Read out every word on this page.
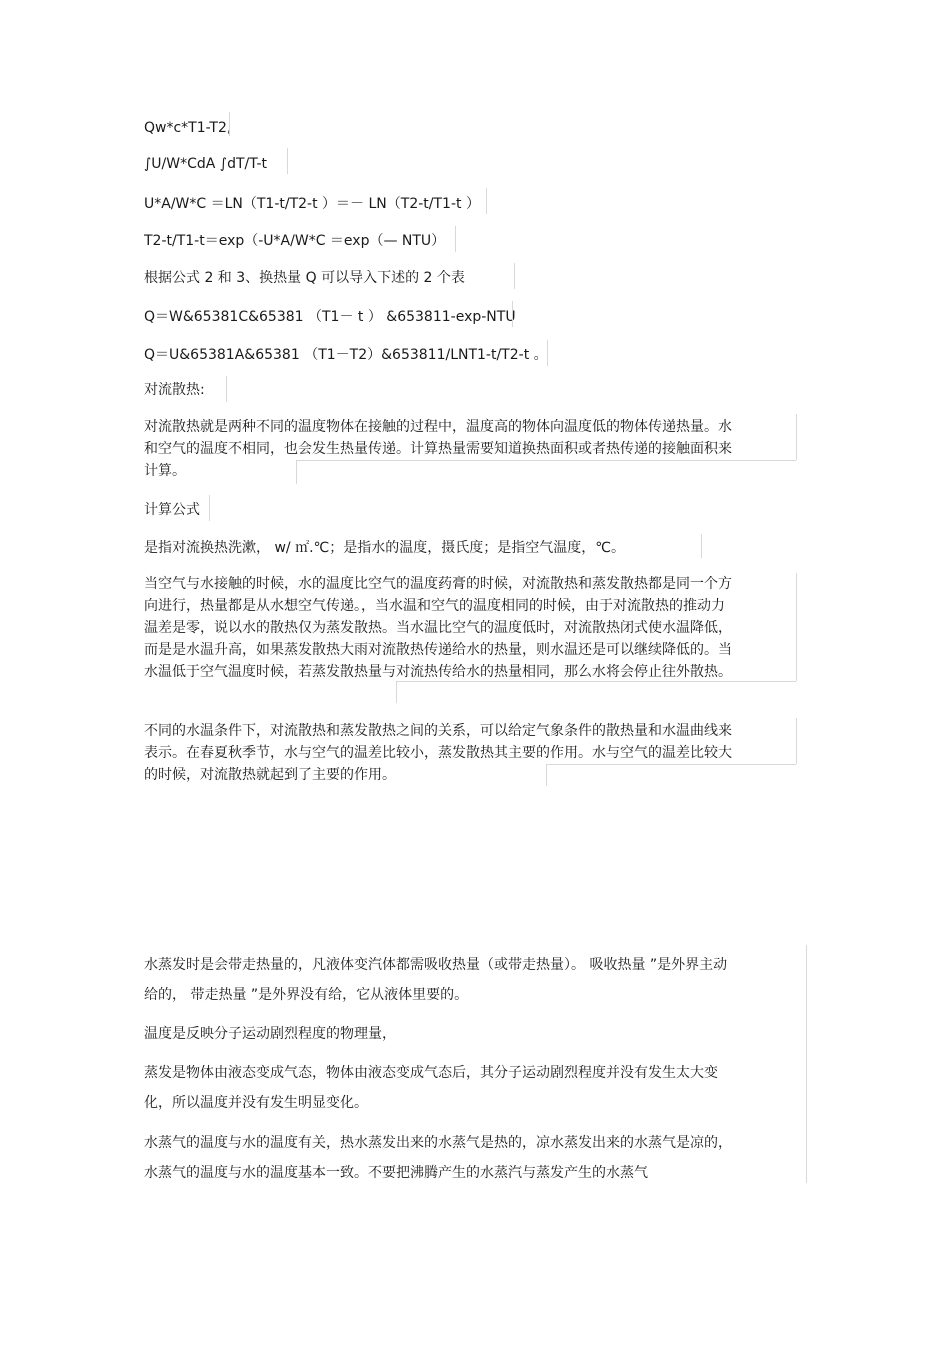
Qw*c*T1-T2,
∫U/W*CdA ∫dT/T-t
U*A/W*C ＝LN（T1-t/T2-t ）＝－ LN（T2-t/T1-t ）
T2-t/T1-t＝exp（-U*A/W*C ＝exp（— NTU）
根据公式 2 和 3、换热量 Q 可以导入下述的 2 个表
Q＝W&65381C&65381 （T1－ t ） &653811-exp-NTU
Q＝U&65381A&65381 （T1－T2）&653811/LNT1-t/T2-t 。
对流散热:
对流散热就是两种不同的温度物体在接触的过程中，温度高的物体向温度低的物体传递热量。水和空气的温度不相同，也会发生热量传递。计算热量需要知道换热面积或者热传递的接触面积来计算。
计算公式
是指对流换热洗漱， w/ ㎡.℃；是指水的温度，摄氏度；是指空气温度，℃。
当空气与水接触的时候，水的温度比空气的温度药膏的时候，对流散热和蒸发散热都是同一个方向进行，热量都是从水想空气传递。，当水温和空气的温度相同的时候，由于对流散热的推动力温差是零，说以水的散热仅为蒸发散热。当水温比空气的温度低时，对流散热闭式使水温降低，而是是水温升高，如果蒸发散热大雨对流散热传递给水的热量，则水温还是可以继续降低的。当水温低于空气温度时候，若蒸发散热量与对流热传给水的热量相同，那么水将会停止往外散热。
不同的水温条件下，对流散热和蒸发散热之间的关系，可以给定气象条件的散热量和水温曲线来表示。在春夏秋季节，水与空气的温差比较小，蒸发散热其主要的作用。水与空气的温差比较大的时候，对流散热就起到了主要的作用。
水蒸发时是会带走热量的，凡液体变汽体都需吸收热量（或带走热量）。 吸收热量 ”是外界主动给的， 带走热量 ”是外界没有给，它从液体里要的。
温度是反映分子运动剧烈程度的物理量，
蒸发是物体由液态变成气态，物体由液态变成气态后，其分子运动剧烈程度并没有发生太大变化，所以温度并没有发生明显变化。
水蒸气的温度与水的温度有关，热水蒸发出来的水蒸气是热的，凉水蒸发出来的水蒸气是凉的，水蒸气的温度与水的温度基本一致。不要把沸腾产生的水蒸汽与蒸发产生的水蒸气
